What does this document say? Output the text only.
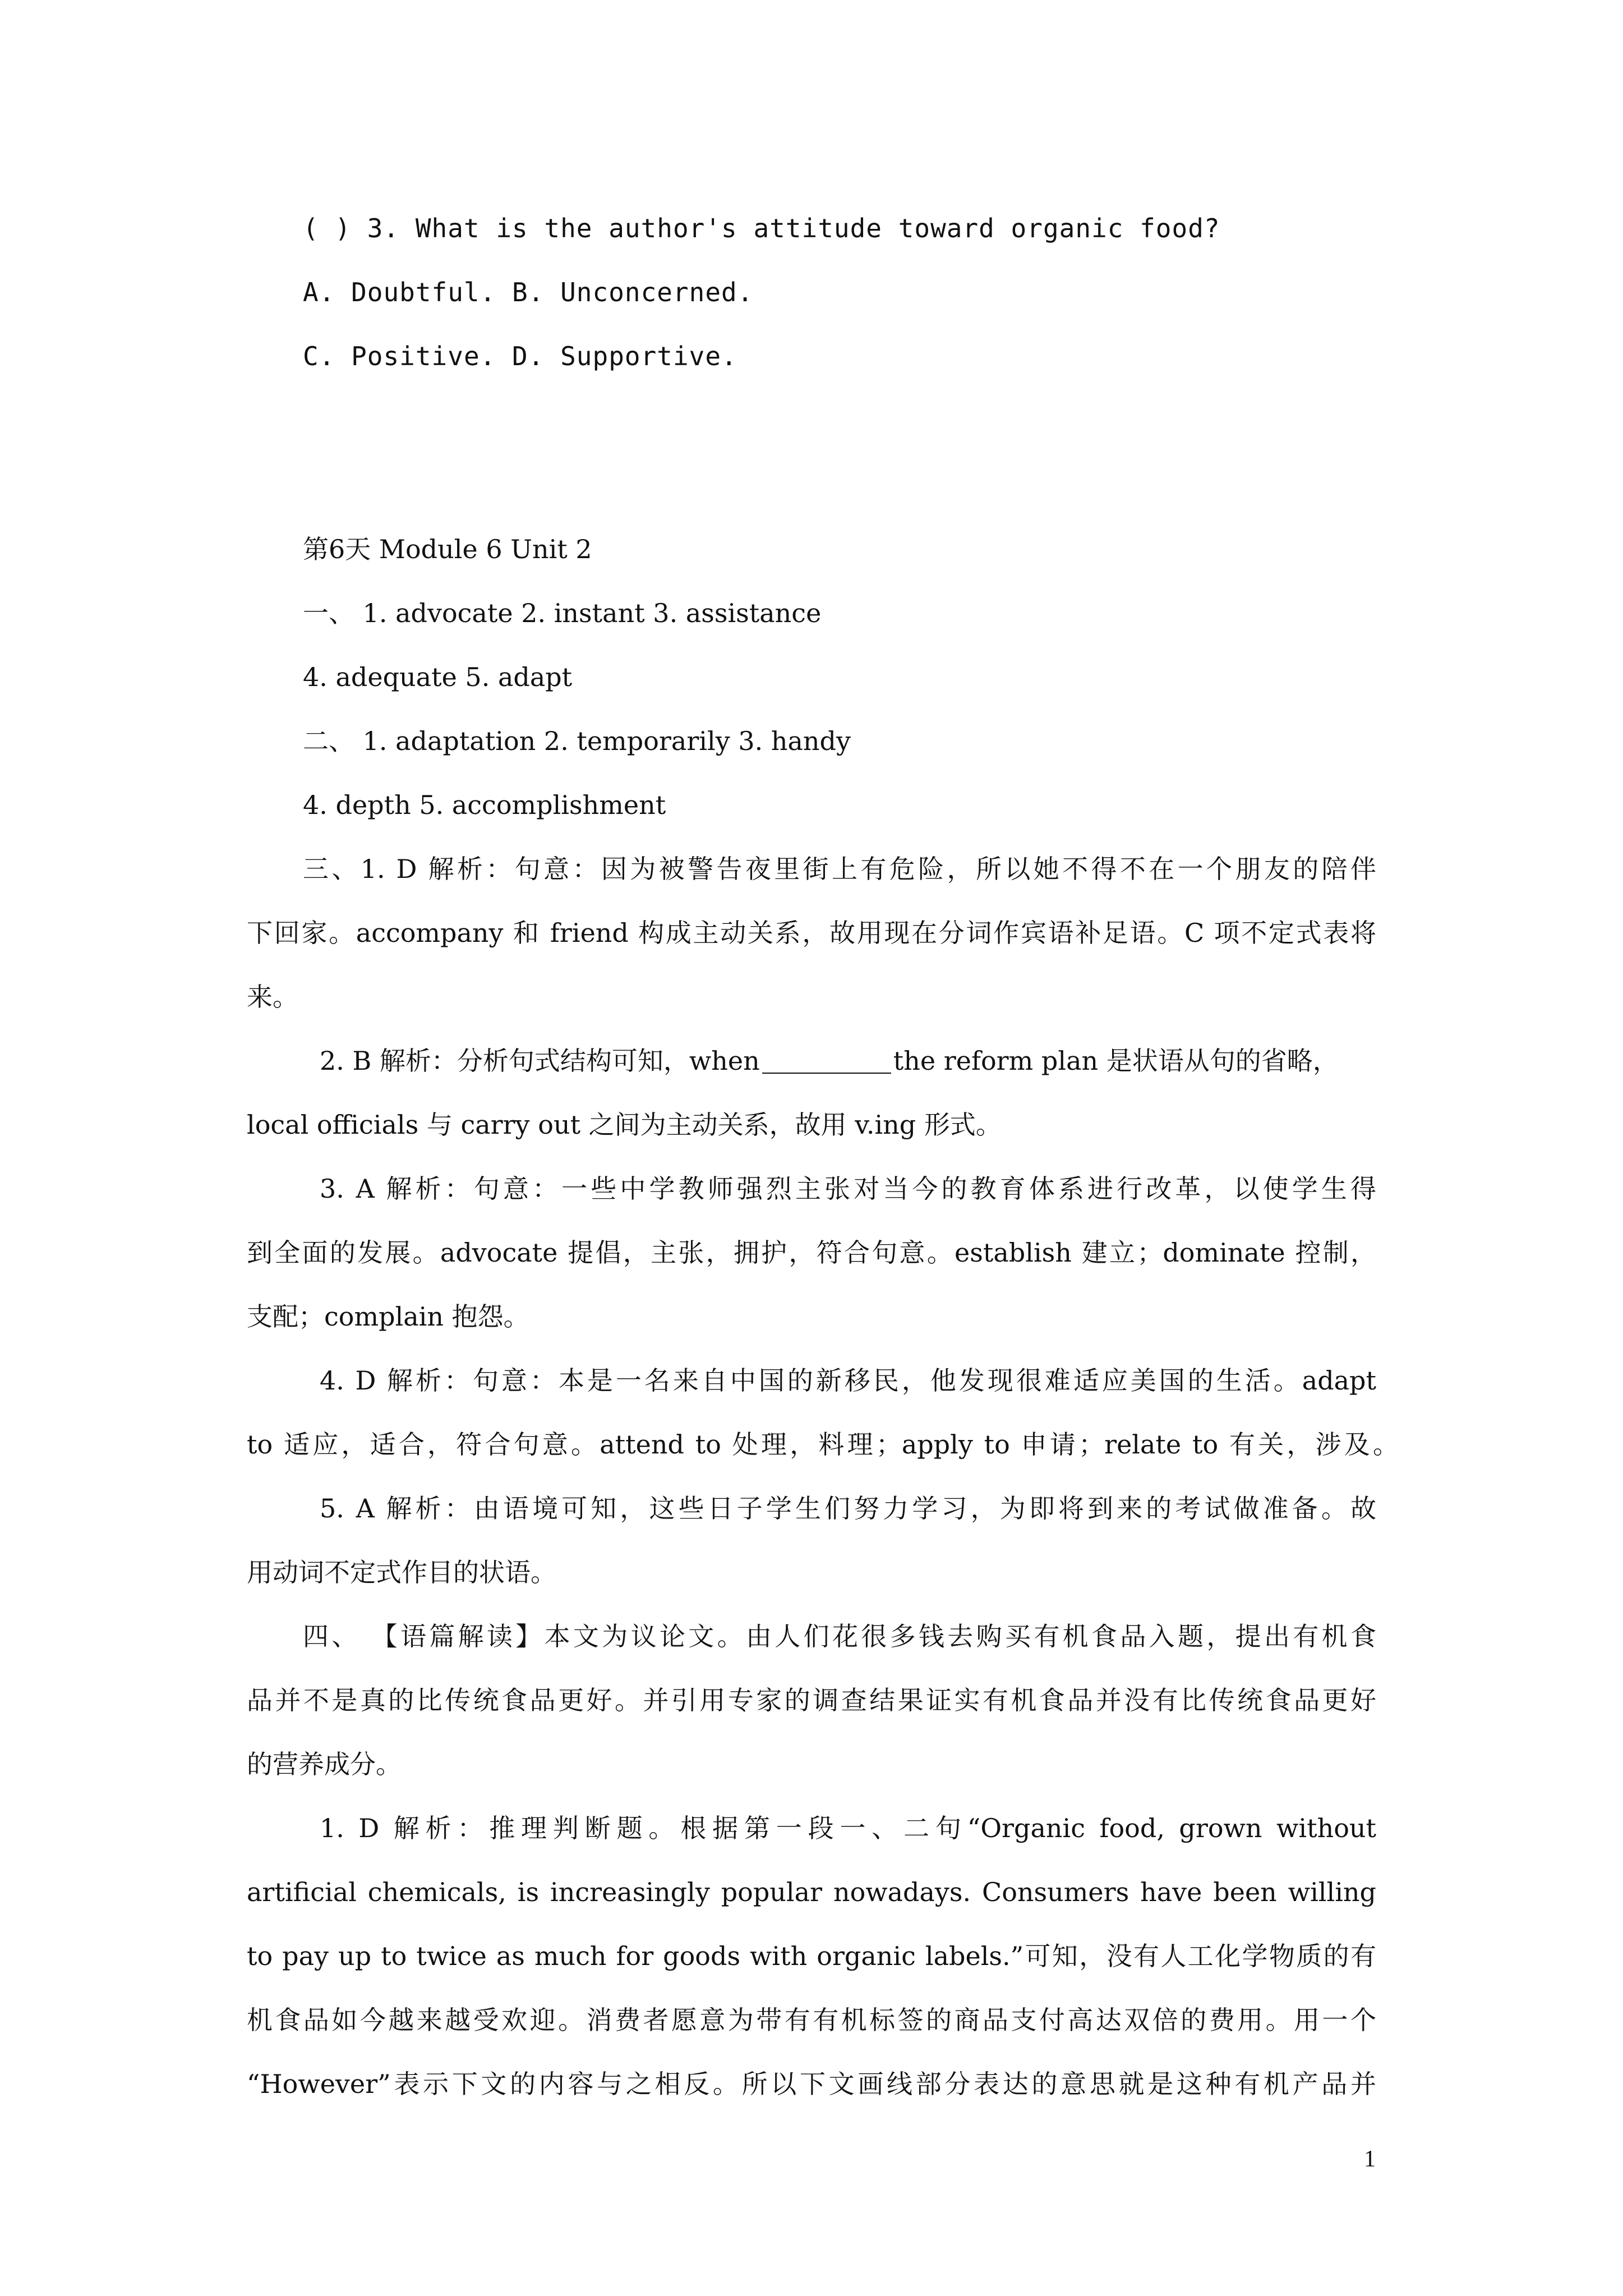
( ) 3. What is the author's attitude toward organic food?
A. Doubtful. B. Unconcerned.
C. Positive. D. Supportive.
第6天 Module 6 Unit 2
一、 1. advocate 2. instant 3. assistance
4. adequate 5. adapt
二、 1. adaptation 2. temporarily 3. handy
4. depth 5. accomplishment
三、1. D 解析：句意：因为被警告夜里街上有危险，所以她不得不在一个朋友的陪伴
下回家。accompany 和 friend 构成主动关系，故用现在分词作宾语补足语。C 项不定式表将
来。
2. B 解析：分析句式结构可知，when	the reform plan 是状语从句的省略，
local officials 与 carry out 之间为主动关系，故用 v.ing 形式。
3. A 解析：句意：一些中学教师强烈主张对当今的教育体系进行改革，以使学生得
到全面的发展。advocate 提倡，主张，拥护，符合句意。establish 建立；dominate 控制，
支配；complain 抱怨。
4. D 解析：句意：本是一名来自中国的新移民，他发现很难适应美国的生活。adapt
to 适应，适合，符合句意。attend to 处理，料理；apply to 申请；relate to 有关，涉及。
5. A 解析：由语境可知，这些日子学生们努力学习，为即将到来的考试做准备。故
用动词不定式作目的状语。
四、 【语篇解读】本文为议论文。由人们花很多钱去购买有机食品入题，提出有机食
品并不是真的比传统食品更好。并引用专家的调查结果证实有机食品并没有比传统食品更好
的营养成分。
1. D 解析：推理判断题。根据第一段一、二句“Organic food, grown without
artificial chemicals, is increasingly popular nowadays. Consumers have been willing
to pay up to twice as much for goods with organic labels.”可知，没有人工化学物质的有
机食品如今越来越受欢迎。消费者愿意为带有有机标签的商品支付高达双倍的费用。用一个
“However”表示下文的内容与之相反。所以下文画线部分表达的意思就是这种有机产品并
1
